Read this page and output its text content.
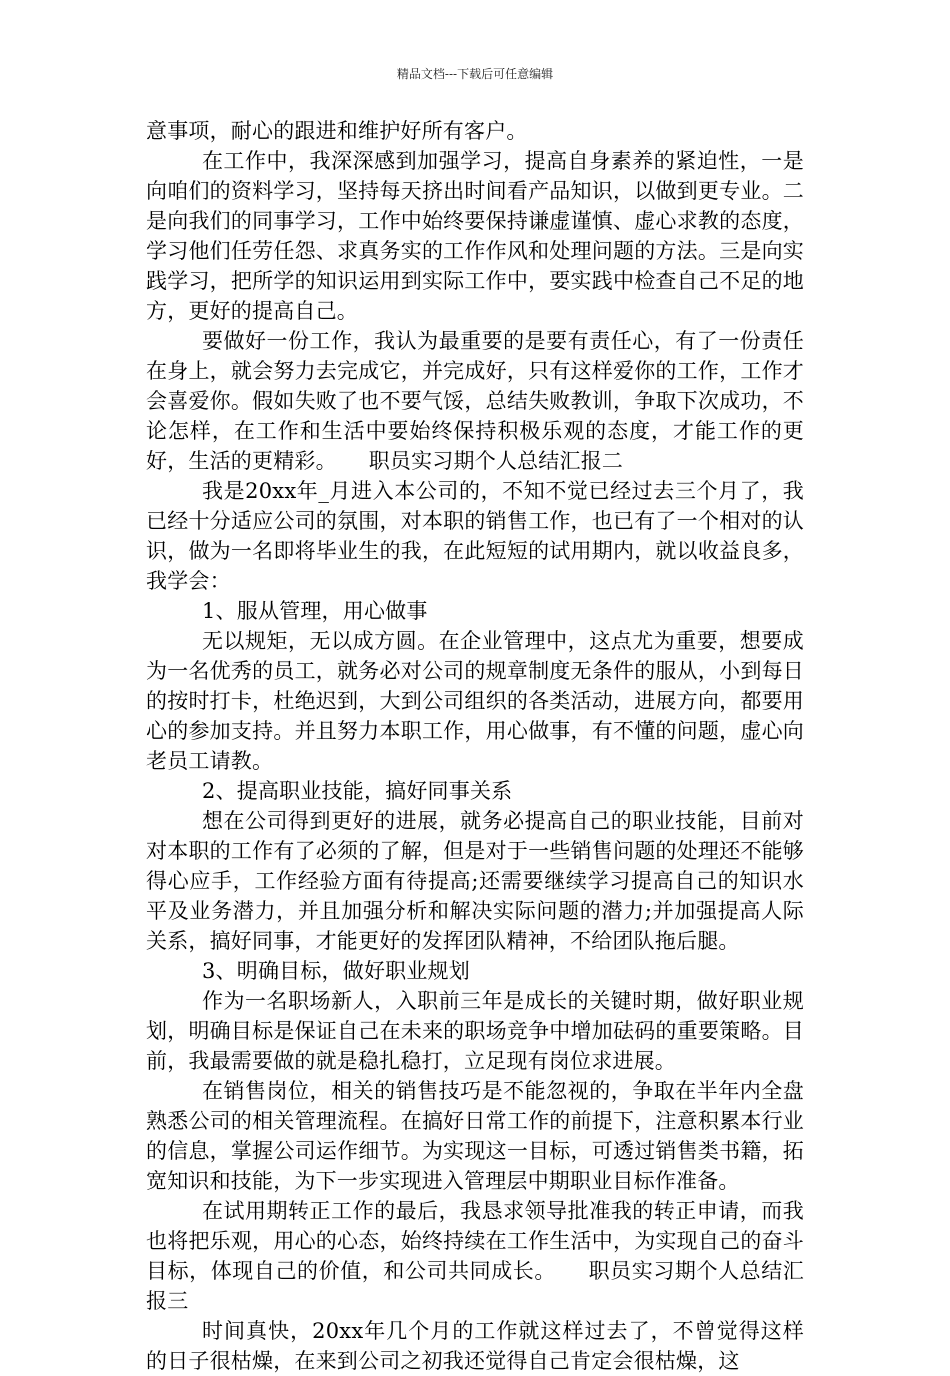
精品文档---下载后可任意编辑

意事项，耐心的跟进和维护好所有客户。

在工作中，我深深感到加强学习，提高自身素养的紧迫性，一是向咱们的资料学习，坚持每天挤出时间看产品知识，以做到更专业。二是向我们的同事学习，工作中始终要保持谦虚谨慎、虚心求教的态度，学习他们任劳任怨、求真务实的工作作风和处理问题的方法。三是向实践学习，把所学的知识运用到实际工作中，要实践中检查自己不足的地方，更好的提高自己。

要做好一份工作，我认为最重要的是要有责任心，有了一份责任在身上，就会努力去完成它，并完成好，只有这样爱你的工作，工作才会喜爱你。假如失败了也不要气馁，总结失败教训，争取下次成功，不论怎样，在工作和生活中要始终保持积极乐观的态度，才能工作的更好，生活的更精彩。　　职员实习期个人总结汇报二

我是20xx年_月进入本公司的，不知不觉已经过去三个月了，我已经十分适应公司的氛围，对本职的销售工作，也已有了一个相对的认识，做为一名即将毕业生的我，在此短短的试用期内，就以收益良多，我学会：

1、服从管理，用心做事

无以规矩，无以成方圆。在企业管理中，这点尤为重要，想要成为一名优秀的员工，就务必对公司的规章制度无条件的服从，小到每日的按时打卡，杜绝迟到，大到公司组织的各类活动，进展方向，都要用心的参加支持。并且努力本职工作，用心做事，有不懂的问题，虚心向老员工请教。

2、提高职业技能，搞好同事关系

想在公司得到更好的进展，就务必提高自己的职业技能，目前对对本职的工作有了必须的了解，但是对于一些销售问题的处理还不能够得心应手，工作经验方面有待提高;还需要继续学习提高自己的知识水平及业务潜力，并且加强分析和解决实际问题的潜力;并加强提高人际关系，搞好同事，才能更好的发挥团队精神，不给团队拖后腿。

3、明确目标，做好职业规划

作为一名职场新人，入职前三年是成长的关键时期，做好职业规划，明确目标是保证自己在未来的职场竞争中增加砝码的重要策略。目前，我最需要做的就是稳扎稳打，立足现有岗位求进展。

在销售岗位，相关的销售技巧是不能忽视的，争取在半年内全盘熟悉公司的相关管理流程。在搞好日常工作的前提下，注意积累本行业的信息，掌握公司运作细节。为实现这一目标，可透过销售类书籍，拓宽知识和技能，为下一步实现进入管理层中期职业目标作准备。

在试用期转正工作的最后，我恳求领导批准我的转正申请，而我也将把乐观，用心的心态，始终持续在工作生活中，为实现自己的奋斗目标，体现自己的价值，和公司共同成长。　　职员实习期个人总结汇报三

时间真快，20xx年几个月的工作就这样过去了，不曾觉得这样的日子很枯燥，在来到公司之初我还觉得自己肯定会很枯燥，这
